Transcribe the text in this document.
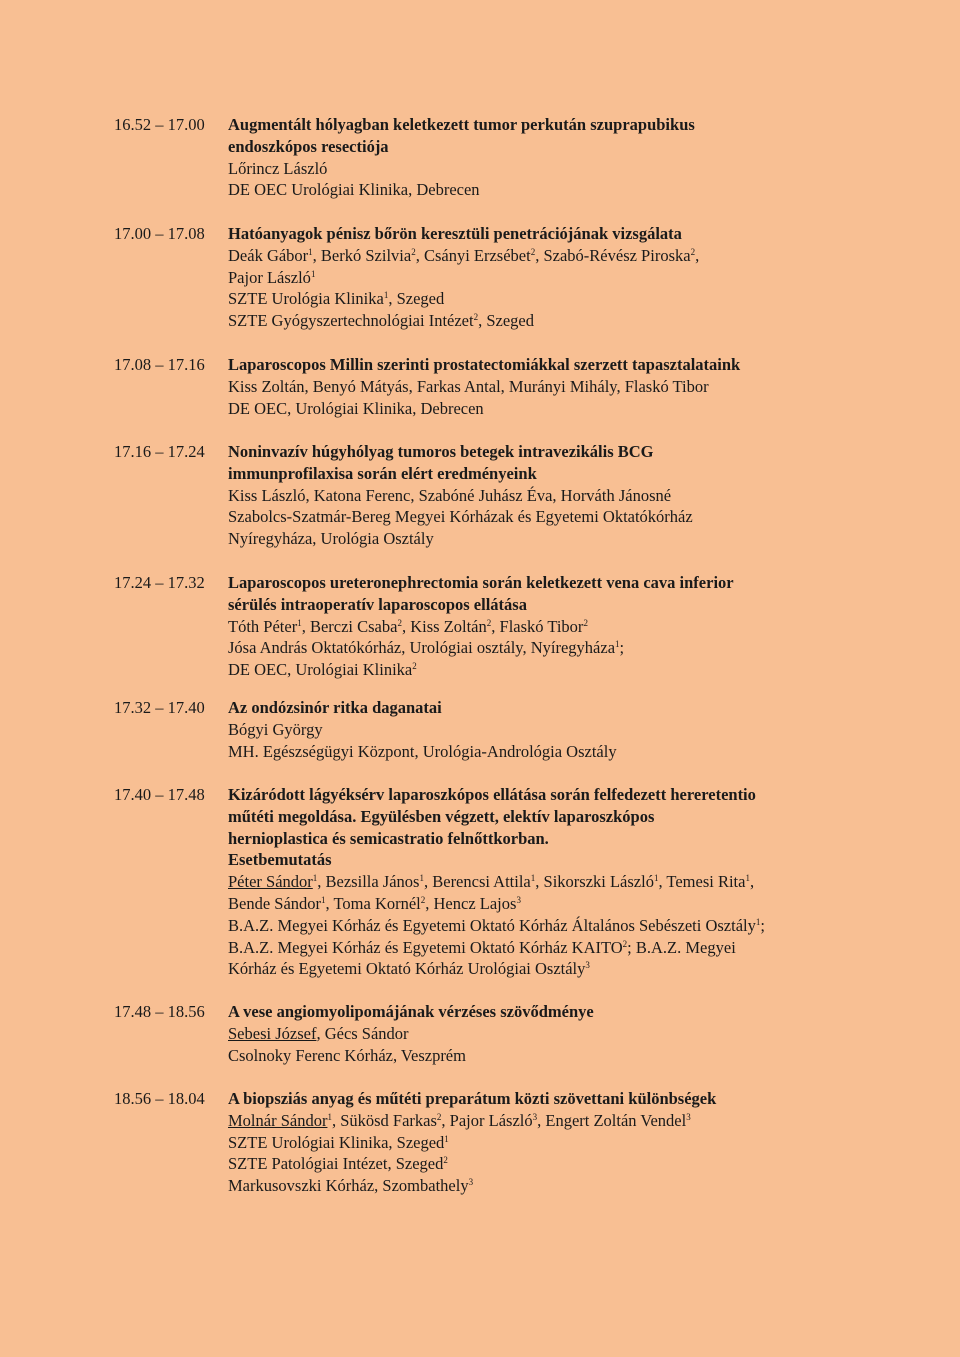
16.52 – 17.00	Augmentált hólyagban keletkezett tumor perkután szuprapubikus
endoszkópos resectiója
Lőrincz László
DE OEC Urológiai Klinika, Debrecen
17.00 – 17.08	Hatóanyagok pénisz bőrön keresztüli penetrációjának vizsgálata
Deák Gábor$^1$, Berkó Szilvia$^2$, Csányi Erzsébet$^2$, Szabó-Révész Piroska$^2$,
Pajor László$^1$
SZTE Urológia Klinika$^1$, Szeged
SZTE Gyógyszertechnológiai Intézet$^2$, Szeged
17.08 – 17.16	Laparoscopos Millin szerinti prostatectomiákkal szerzett tapasztalataink
Kiss Zoltán, Benyó Mátyás, Farkas Antal, Murányi Mihály, Flaskó Tibor
DE OEC, Urológiai Klinika, Debrecen
17.16 – 17.24	Noninvazív húgyhólyag tumoros betegek intravezikális BCG
immunprofilaxisa során elért eredményeink
Kiss László, Katona Ferenc, Szabóné Juhász Éva, Horváth Jánosné
Szabolcs-Szatmár-Bereg Megyei Kórházak és Egyetemi Oktatókórház
Nyíregyháza, Urológia Osztály
17.24 – 17.32	Laparoscopos ureteronephrectomia során keletkezett vena cava inferior
sérülés intraoperatív laparoscopos ellátása
Tóth Péter$^1$, Berczi Csaba$^2$, Kiss Zoltán$^2$, Flaskó Tibor$^2$
Jósa András Oktatókórház, Urológiai osztály, Nyíregyháza$^1$;
DE OEC, Urológiai Klinika$^2$
17.32 – 17.40	Az ondózsinór ritka daganatai
Bógyi György
MH. Egészségügyi Központ, Urológia-Andrológia Osztály
17.40 – 17.48	Kizáródott lágyéksérv laparoszkópos ellátása során felfedezett hereretentio
műtéti megoldása. Együlésben végzett, elektív laparoszkópos
hernioplastica és semicastratio felnőttkorban.
Esetbemutatás
Péter Sándor$^1$, Bezsilla János$^1$, Berencsi Attila$^1$, Sikorszki László$^1$, Temesi Rita$^1$,
Bende Sándor$^1$, Toma Kornél$^2$, Hencz Lajos$^3$
B.A.Z. Megyei Kórház és Egyetemi Oktató Kórház Általános Sebészeti Osztály$^1$;
B.A.Z. Megyei Kórház és Egyetemi Oktató Kórház KAITO$^2$; B.A.Z. Megyei
Kórház és Egyetemi Oktató Kórház Urológiai Osztály$^3$
17.48 – 18.56	A vese angiomyolipomájának vérzéses szövődménye
Sebesi József, Gécs Sándor
Csolnoky Ferenc Kórház, Veszprém
18.56 – 18.04	A biopsziás anyag és műtéti preparátum közti szövettani különbségek
Molnár Sándor$^1$, Sükösd Farkas$^2$, Pajor László$^3$, Engert Zoltán Vendel$^3$
SZTE Urológiai Klinika, Szeged$^1$
SZTE Patológiai Intézet, Szeged$^2$
Markusovszki Kórház, Szombathely$^3$
